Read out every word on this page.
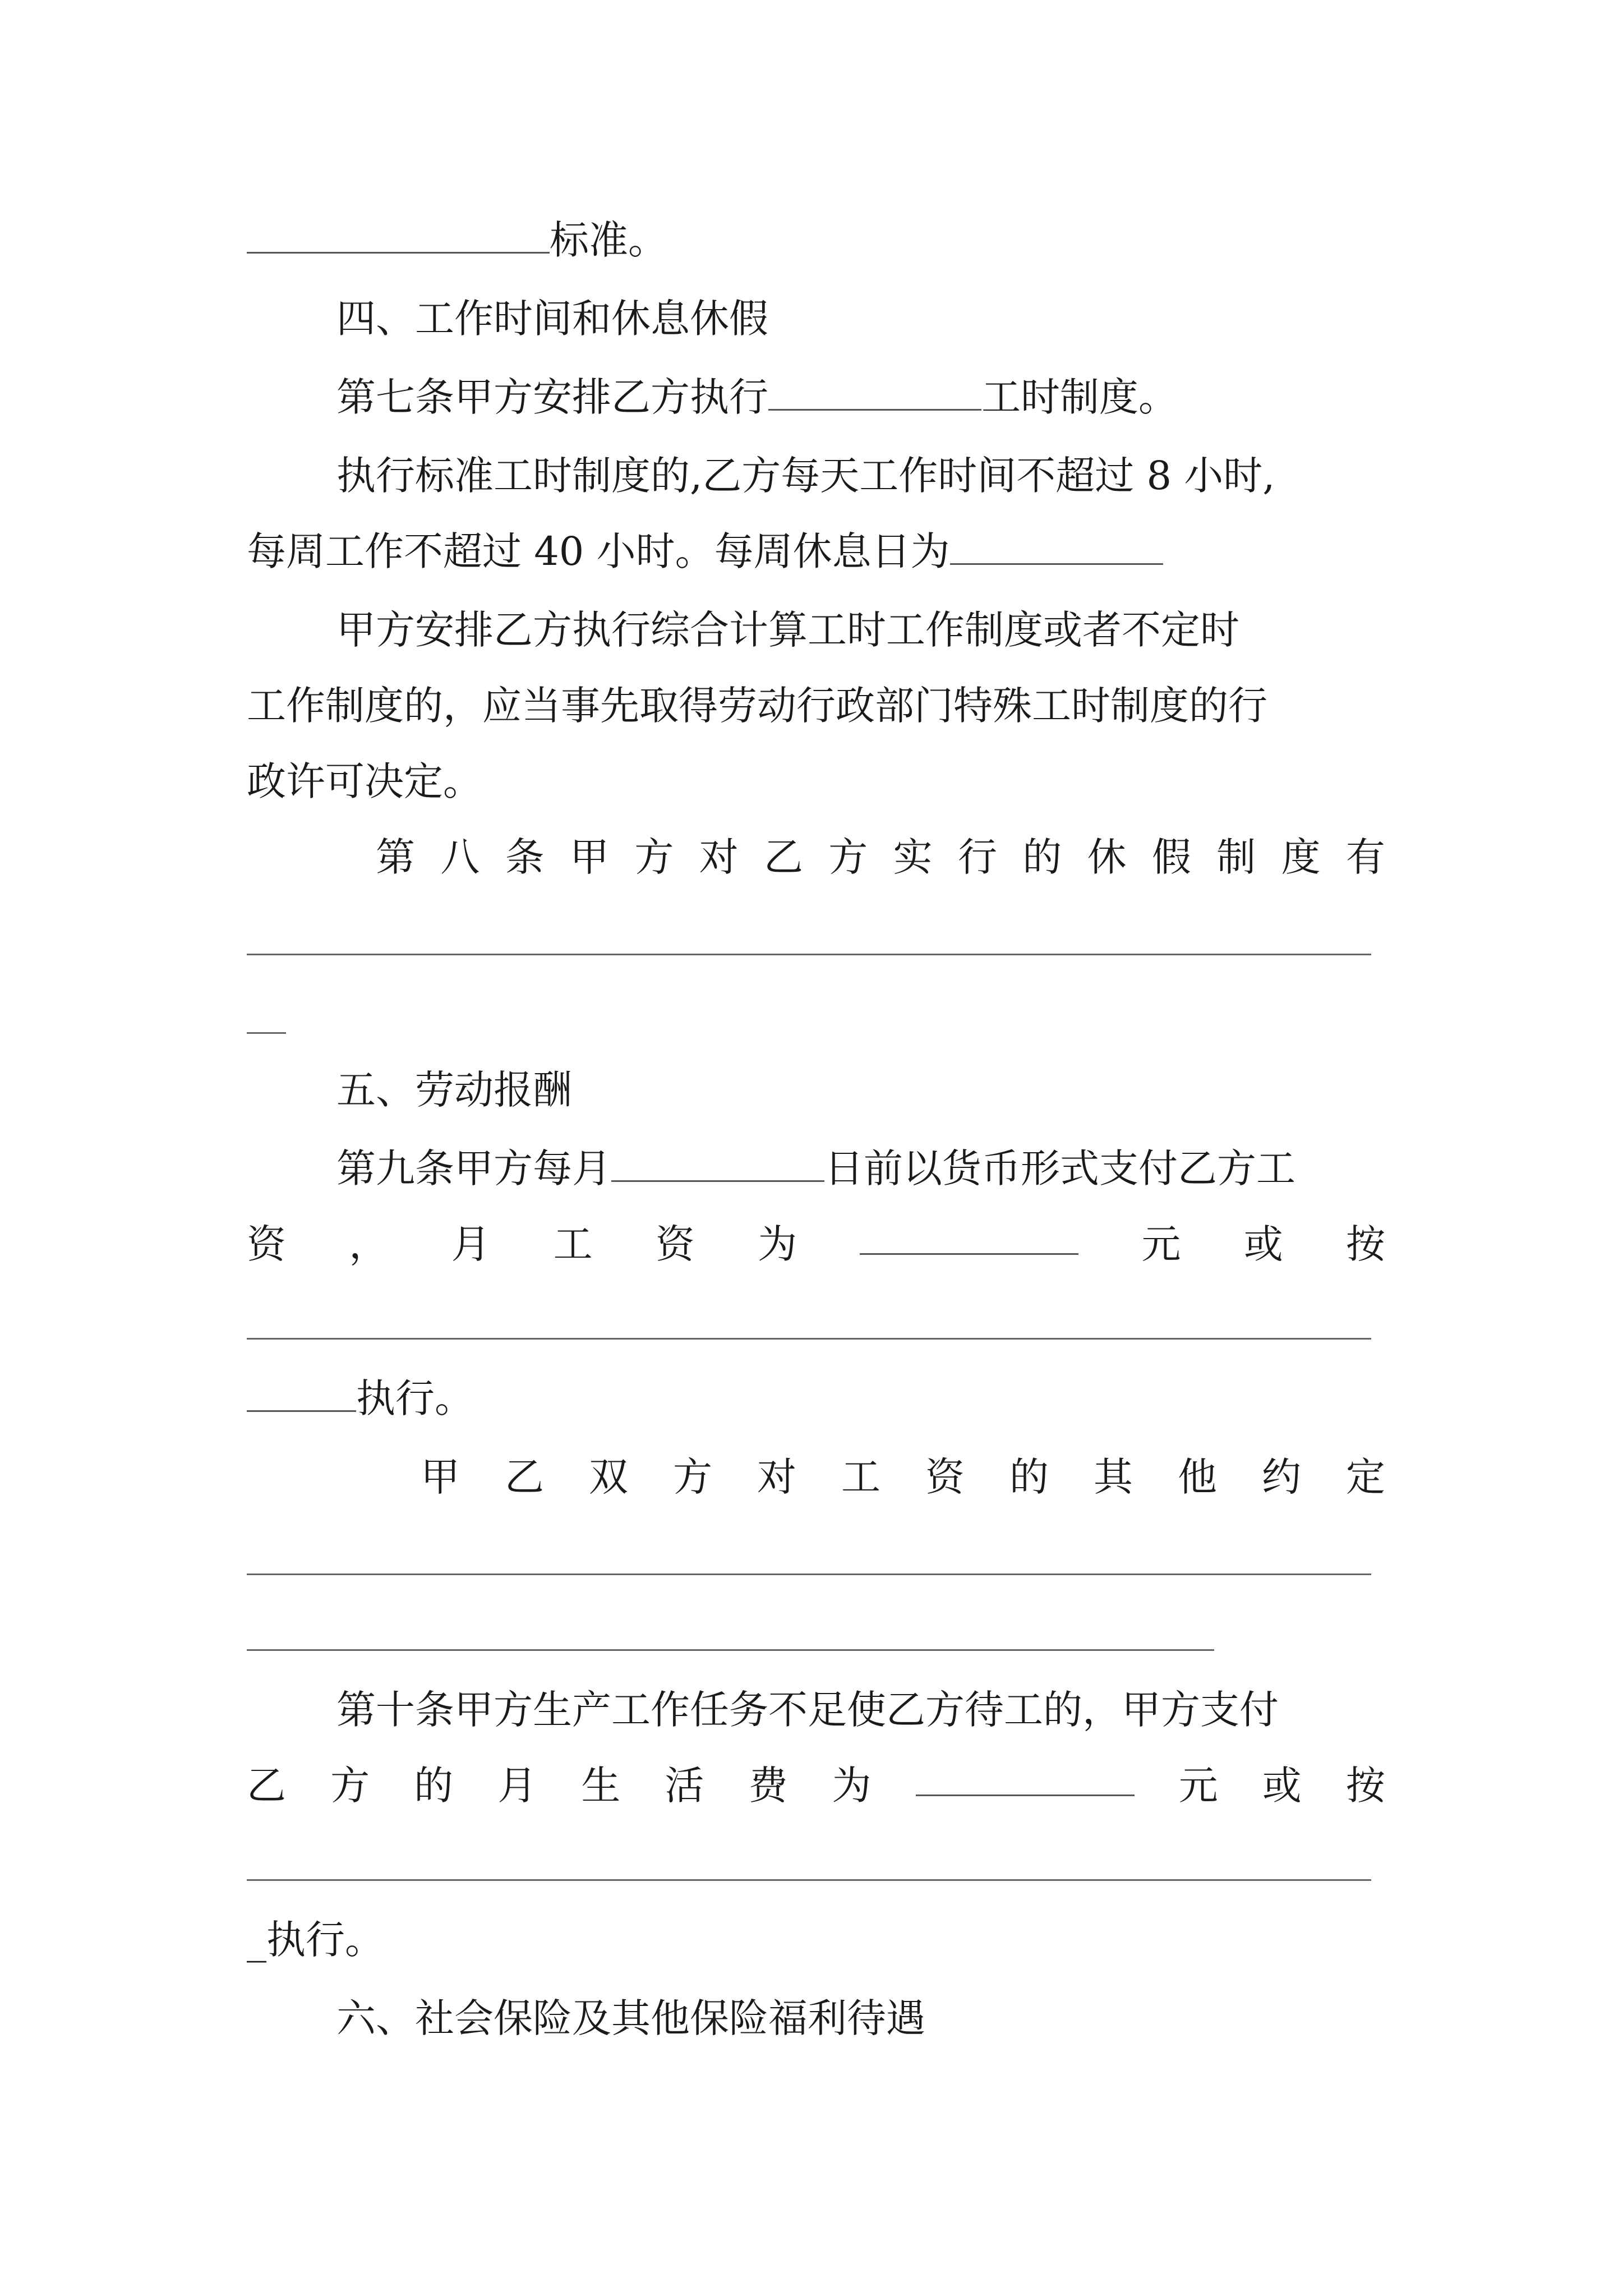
标准。

四、工作时间和休息休假

第七条甲方安排乙方执行	工时制度。

执行标准工时制度的,乙方每天工作时间不超过 8 小时,

每周工作不超过 40 小时。每周休息日为

甲方安排乙方执行综合计算工时工作制度或者不定时

工作制度的，应当事先取得劳动行政部门特殊工时制度的行

政许可决定。

第 八 条 甲 方 对 乙 方 实 行 的 休 假 制 度 有

五、劳动报酬

第九条甲方每月	日前以货币形式支付乙方工

资 ， 月 工 资 为	元 或 按

执行。

甲 乙 双 方 对 工 资 的 其 他 约 定

第十条甲方生产工作任务不足使乙方待工的，甲方支付

乙 方 的 月 生 活 费 为	元 或 按

_执行。

六、社会保险及其他保险福利待遇
